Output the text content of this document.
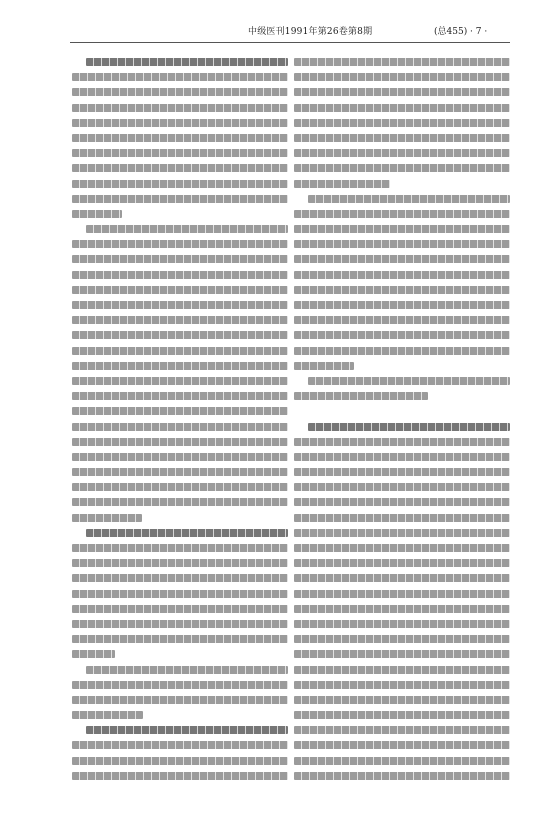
中级医刊1991年第26卷第8期	(总455) · 7 ·
